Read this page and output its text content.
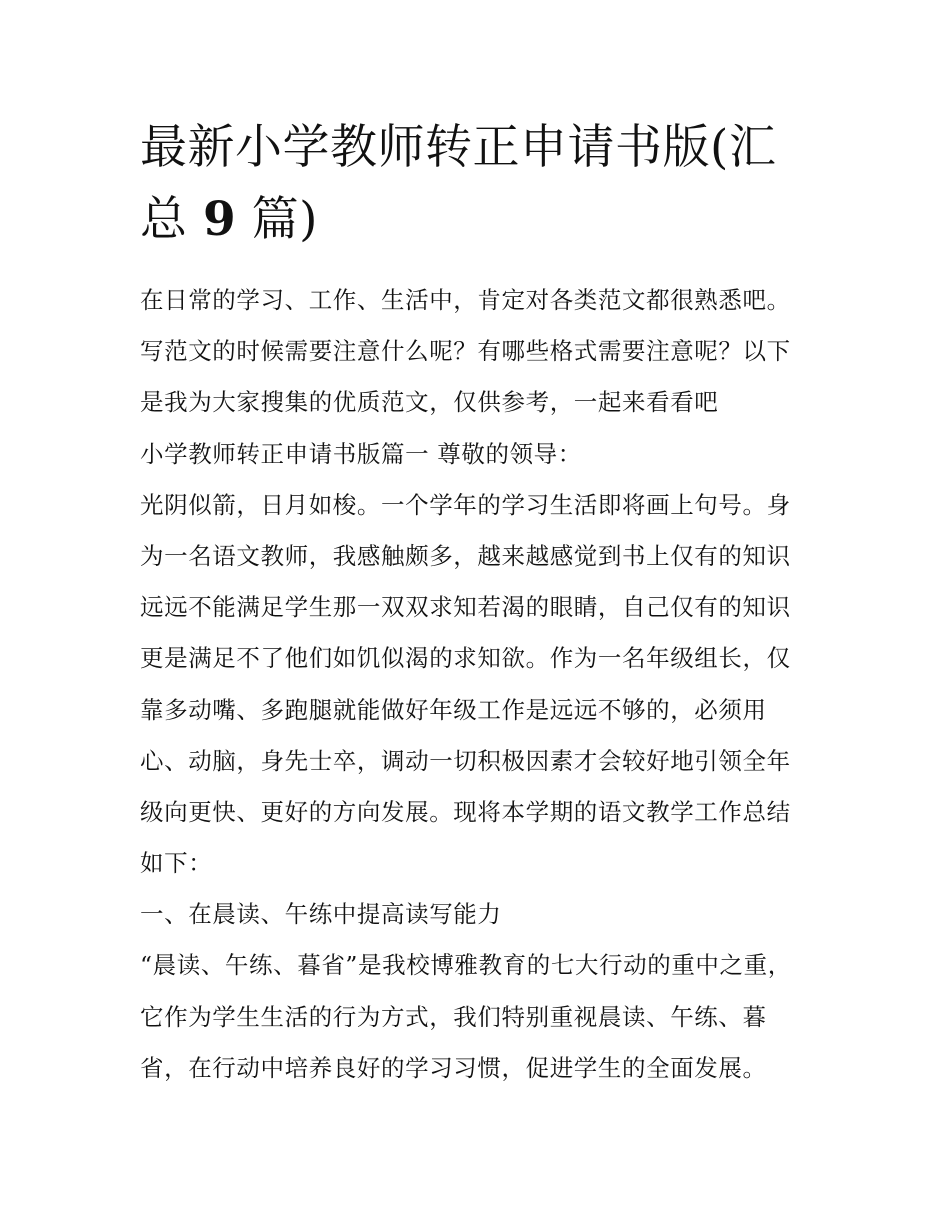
最新小学教师转正申请书版(汇
总 9 篇)
在日常的学习、工作、生活中，肯定对各类范文都很熟悉吧。
写范文的时候需要注意什么呢？有哪些格式需要注意呢？以下
是我为大家搜集的优质范文，仅供参考，一起来看看吧
小学教师转正申请书版篇一 尊敬的领导：
光阴似箭，日月如梭。一个学年的学习生活即将画上句号。身
为一名语文教师，我感触颇多，越来越感觉到书上仅有的知识
远远不能满足学生那一双双求知若渴的眼睛，自己仅有的知识
更是满足不了他们如饥似渴的求知欲。作为一名年级组长，仅
靠多动嘴、多跑腿就能做好年级工作是远远不够的，必须用
心、动脑，身先士卒，调动一切积极因素才会较好地引领全年
级向更快、更好的方向发展。现将本学期的语文教学工作总结
如下：
一、在晨读、午练中提高读写能力
“晨读、午练、暮省”是我校博雅教育的七大行动的重中之重，
它作为学生生活的行为方式，我们特别重视晨读、午练、暮
省，在行动中培养良好的学习习惯，促进学生的全面发展。
